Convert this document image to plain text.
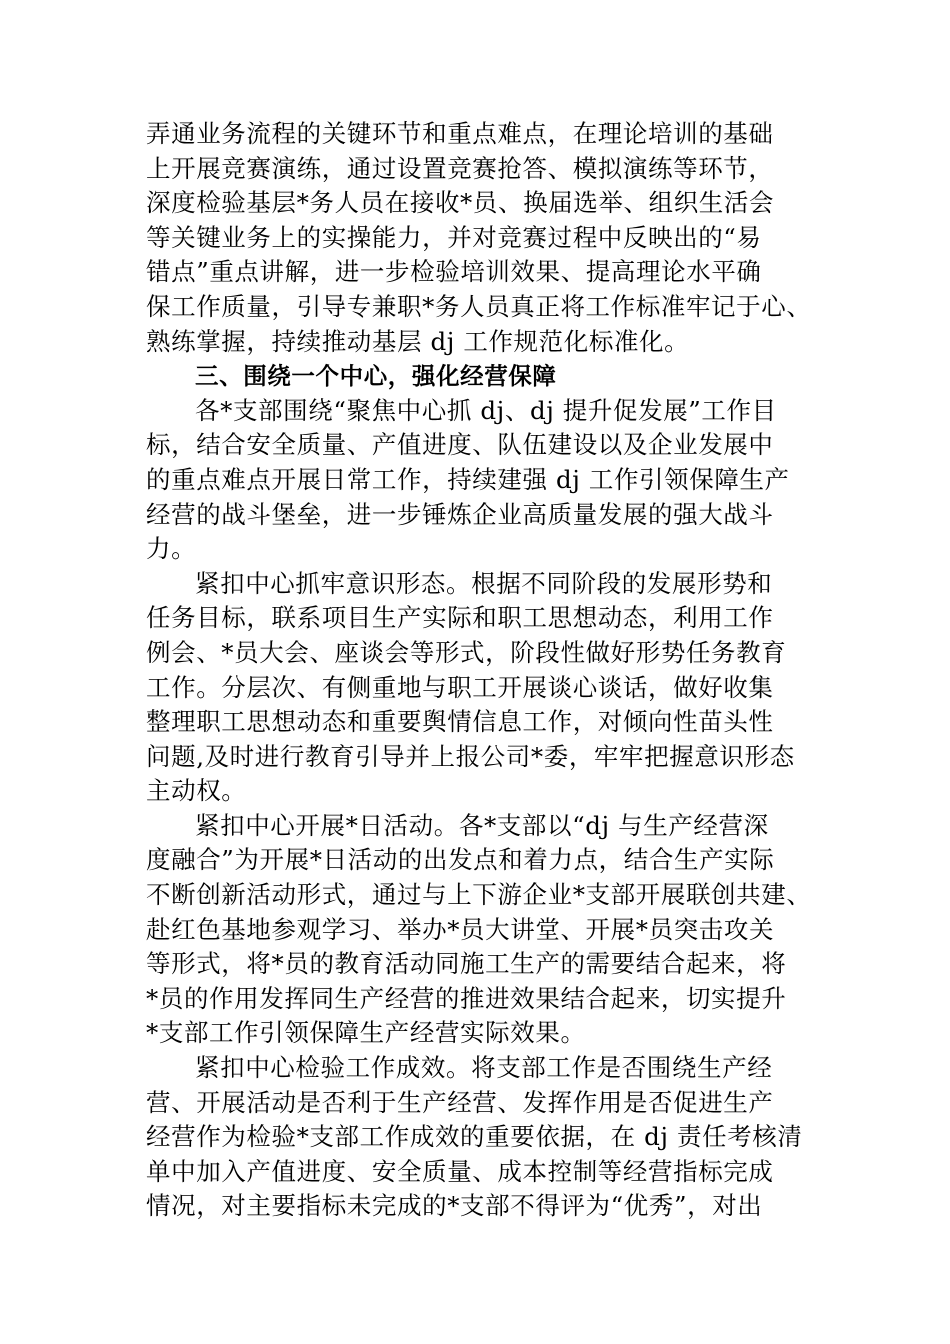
弄通业务流程的关键环节和重点难点，在理论培训的基础
上开展竞赛演练，通过设置竞赛抢答、模拟演练等环节，
深度检验基层*务人员在接收*员、换届选举、组织生活会
等关键业务上的实操能力，并对竞赛过程中反映出的“易
错点”重点讲解，进一步检验培训效果、提高理论水平确
保工作质量，引导专兼职*务人员真正将工作标准牢记于心、
熟练掌握，持续推动基层 dj 工作规范化标准化。
三、围绕一个中心，强化经营保障
各*支部围绕“聚焦中心抓 dj、dj 提升促发展”工作目
标，结合安全质量、产值进度、队伍建设以及企业发展中
的重点难点开展日常工作，持续建强 dj 工作引领保障生产
经营的战斗堡垒，进一步锤炼企业高质量发展的强大战斗
力。
紧扣中心抓牢意识形态。根据不同阶段的发展形势和
任务目标，联系项目生产实际和职工思想动态，利用工作
例会、*员大会、座谈会等形式，阶段性做好形势任务教育
工作。分层次、有侧重地与职工开展谈心谈话，做好收集
整理职工思想动态和重要舆情信息工作，对倾向性苗头性
问题,及时进行教育引导并上报公司*委，牢牢把握意识形态
主动权。
紧扣中心开展*日活动。各*支部以“dj 与生产经营深
度融合”为开展*日活动的出发点和着力点，结合生产实际
不断创新活动形式，通过与上下游企业*支部开展联创共建、
赴红色基地参观学习、举办*员大讲堂、开展*员突击攻关
等形式，将*员的教育活动同施工生产的需要结合起来，将
*员的作用发挥同生产经营的推进效果结合起来，切实提升
*支部工作引领保障生产经营实际效果。
紧扣中心检验工作成效。将支部工作是否围绕生产经
营、开展活动是否利于生产经营、发挥作用是否促进生产
经营作为检验*支部工作成效的重要依据，在 dj 责任考核清
单中加入产值进度、安全质量、成本控制等经营指标完成
情况，对主要指标未完成的*支部不得评为“优秀”，对出
